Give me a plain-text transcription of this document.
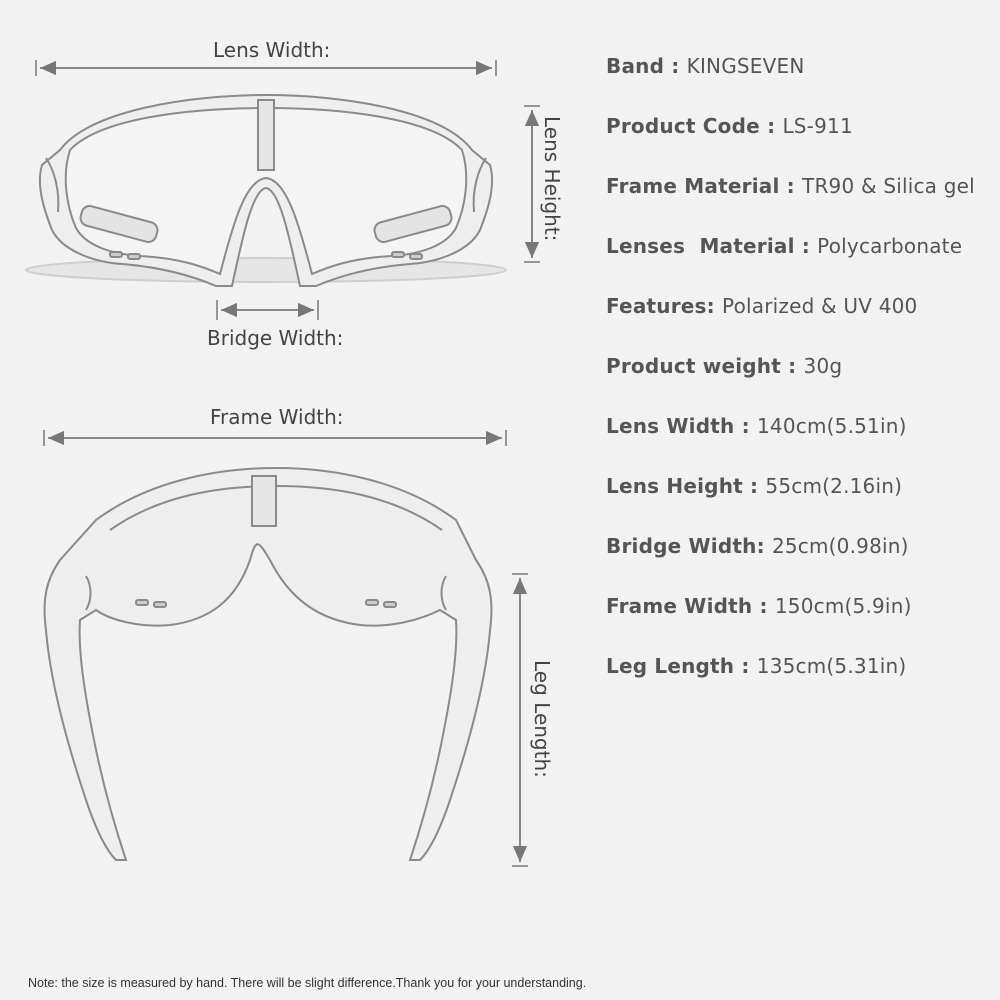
Lens Width:
Lens Height:
Bridge Width:
Frame Width:
Leg Length:
Band : KINGSEVEN
Product Code : LS-911
Frame Material : TR90 & Silica gel
Lenses  Material : Polycarbonate
Features: Polarized & UV 400
Product weight : 30g
Lens Width : 140cm(5.51in)
Lens Height : 55cm(2.16in)
Bridge Width: 25cm(0.98in)
Frame Width : 150cm(5.9in)
Leg Length : 135cm(5.31in)
Note: the size is measured by hand. There will be slight difference.Thank you for your understanding.
